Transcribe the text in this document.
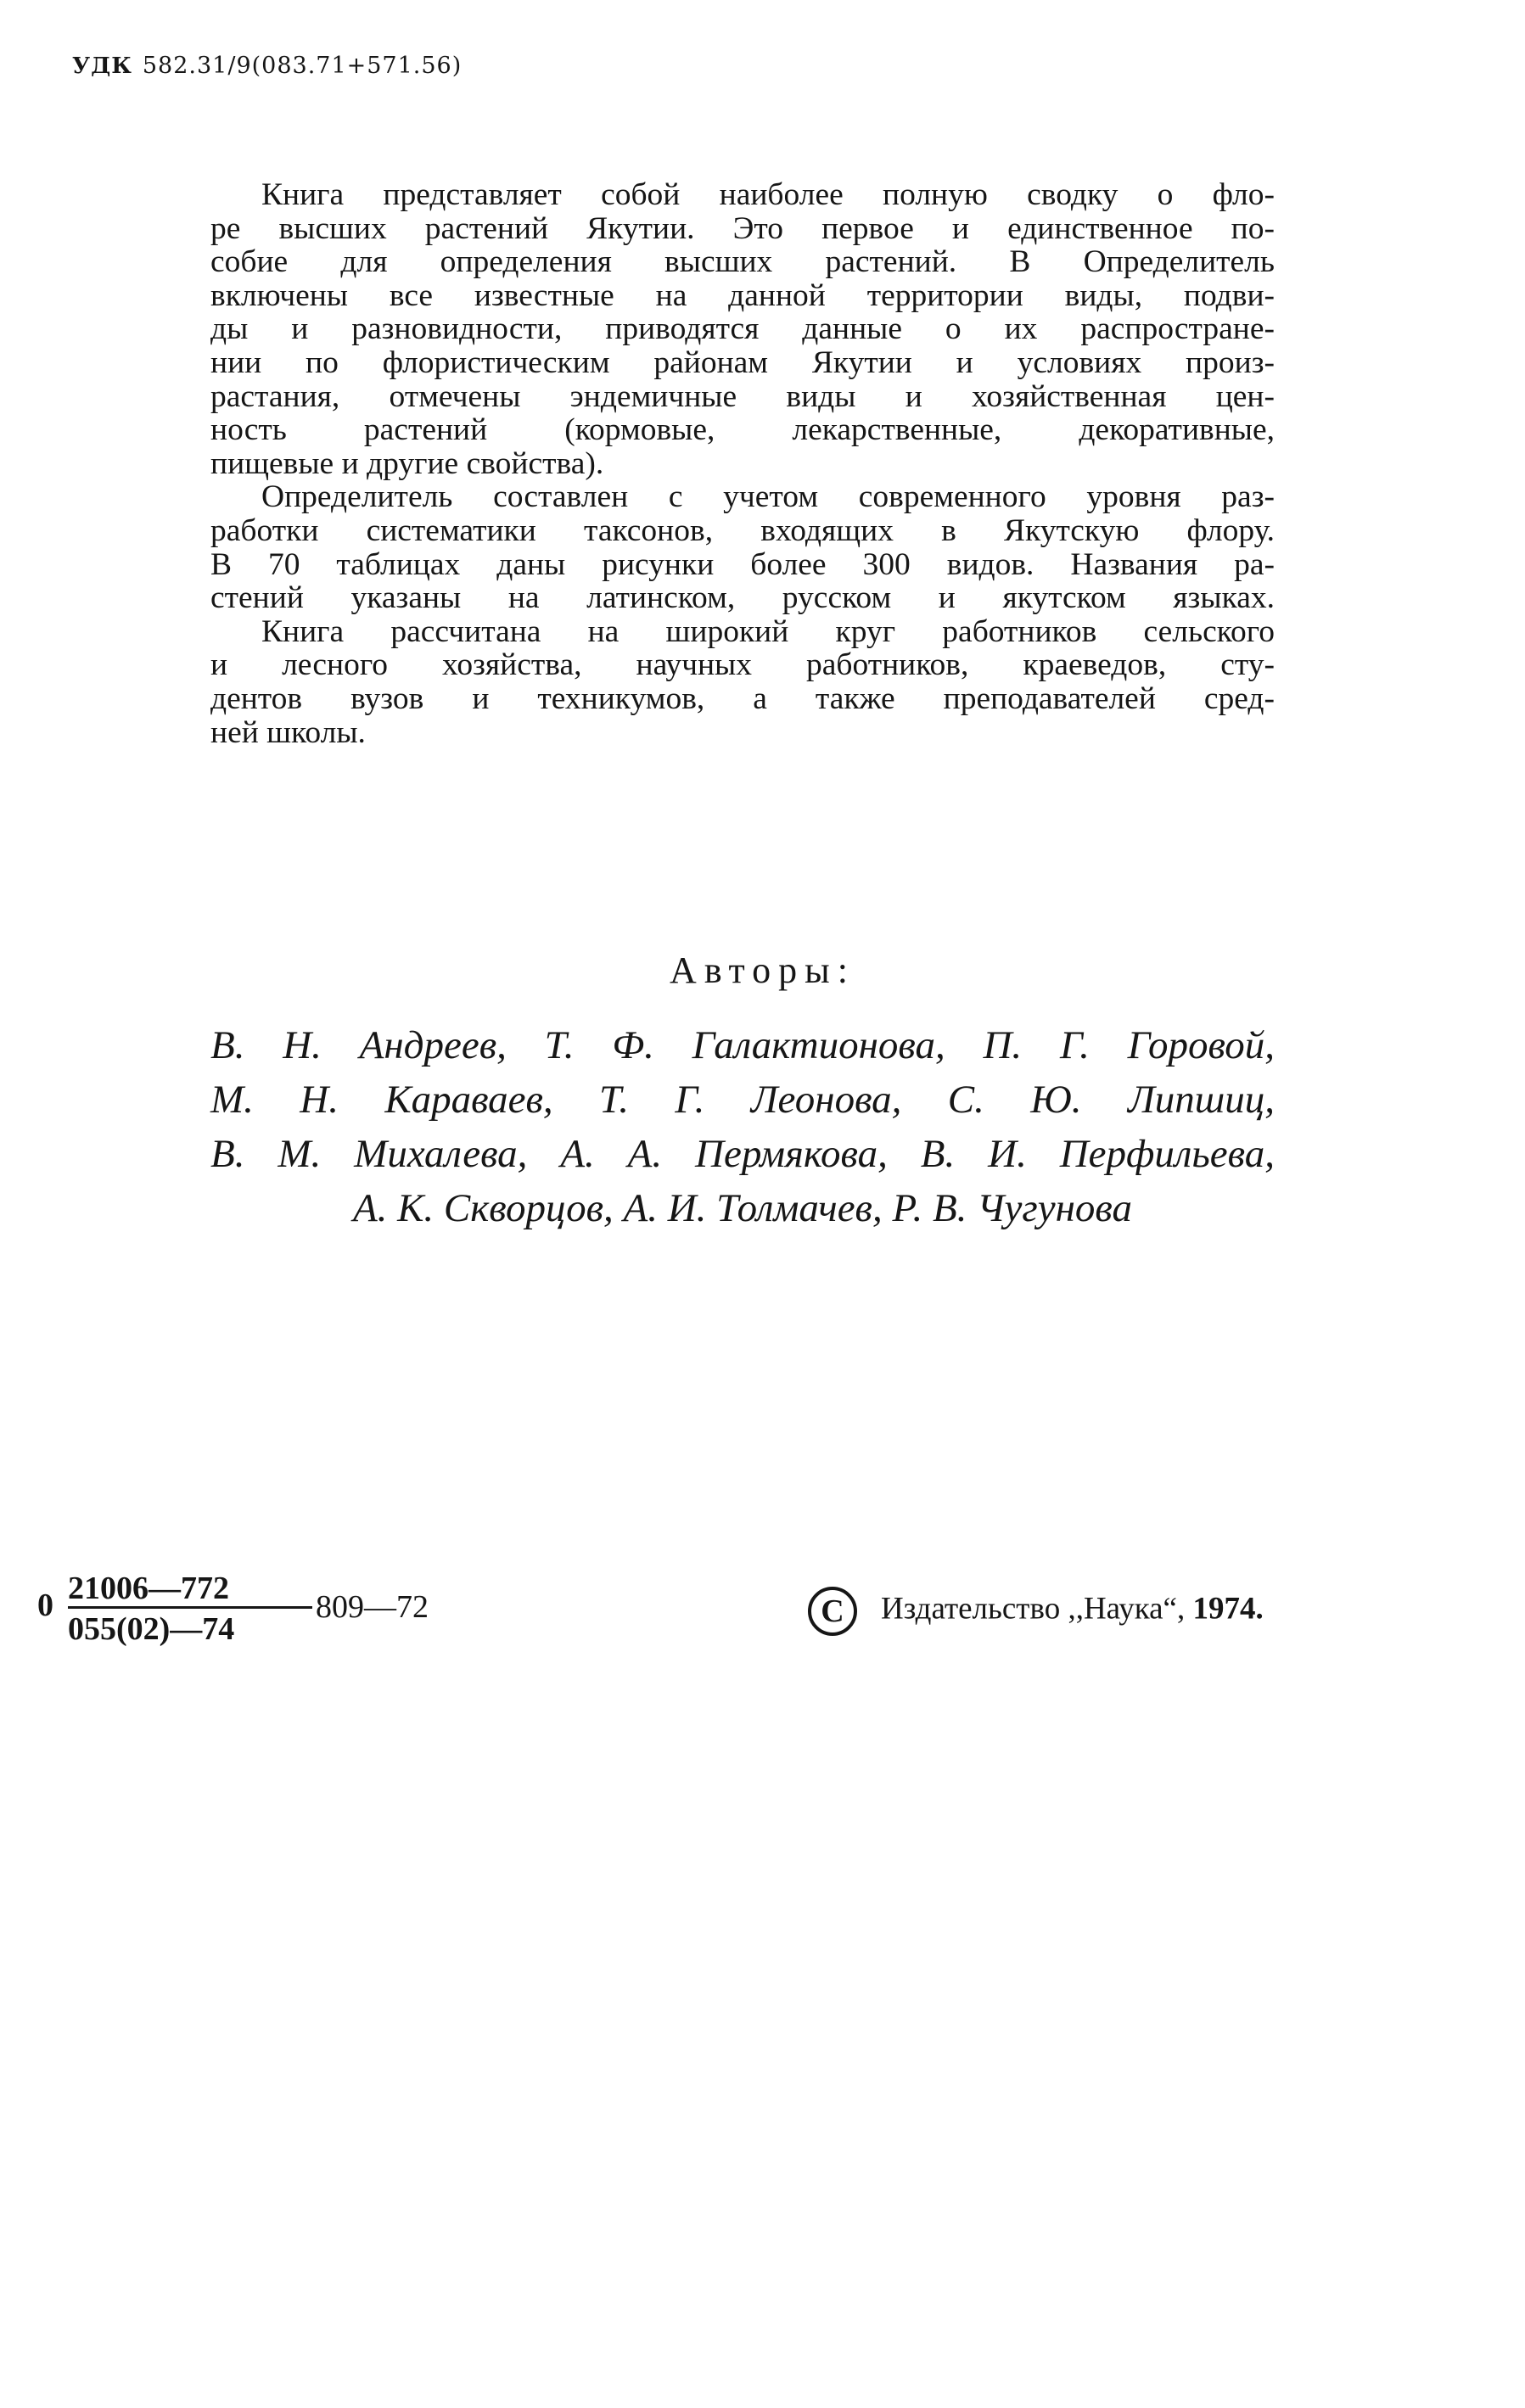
УДК 582.31/9(083.71+571.56)
Книга представляет собой наиболее полную сводку о фло-
ре высших растений Якутии. Это первое и единственное по-
собие для определения высших растений. В Определитель
включены все известные на данной территории виды, подви-
ды и разновидности, приводятся данные о их распростране-
нии по флористическим районам Якутии и условиях произ-
растания, отмечены эндемичные виды и хозяйственная цен-
ность растений (кормовые, лекарственные, декоративные,
пищевые и другие свойства).
Определитель составлен с учетом современного уровня раз-
работки систематики таксонов, входящих в Якутскую флору.
В 70 таблицах даны рисунки более 300 видов. Названия ра-
стений указаны на латинском, русском и якутском языках.
Книга рассчитана на широкий круг работников сельского
и лесного хозяйства, научных работников, краеведов, сту-
дентов вузов и техникумов, а также преподавателей сред-
ней школы.
Авторы:
В. Н. Андреев, Т. Ф. Галактионова, П. Г. Горовой,
М. Н. Караваев, Т. Г. Леонова, С. Ю. Липшиц,
В. М. Михалева, А. А. Пермякова, В. И. Перфильева,
А. К. Скворцов, А. И. Толмачев, Р. В. Чугунова
0 21006—772
055(02)—74
809—72	C Издательство ,,Наука“, 1974.
